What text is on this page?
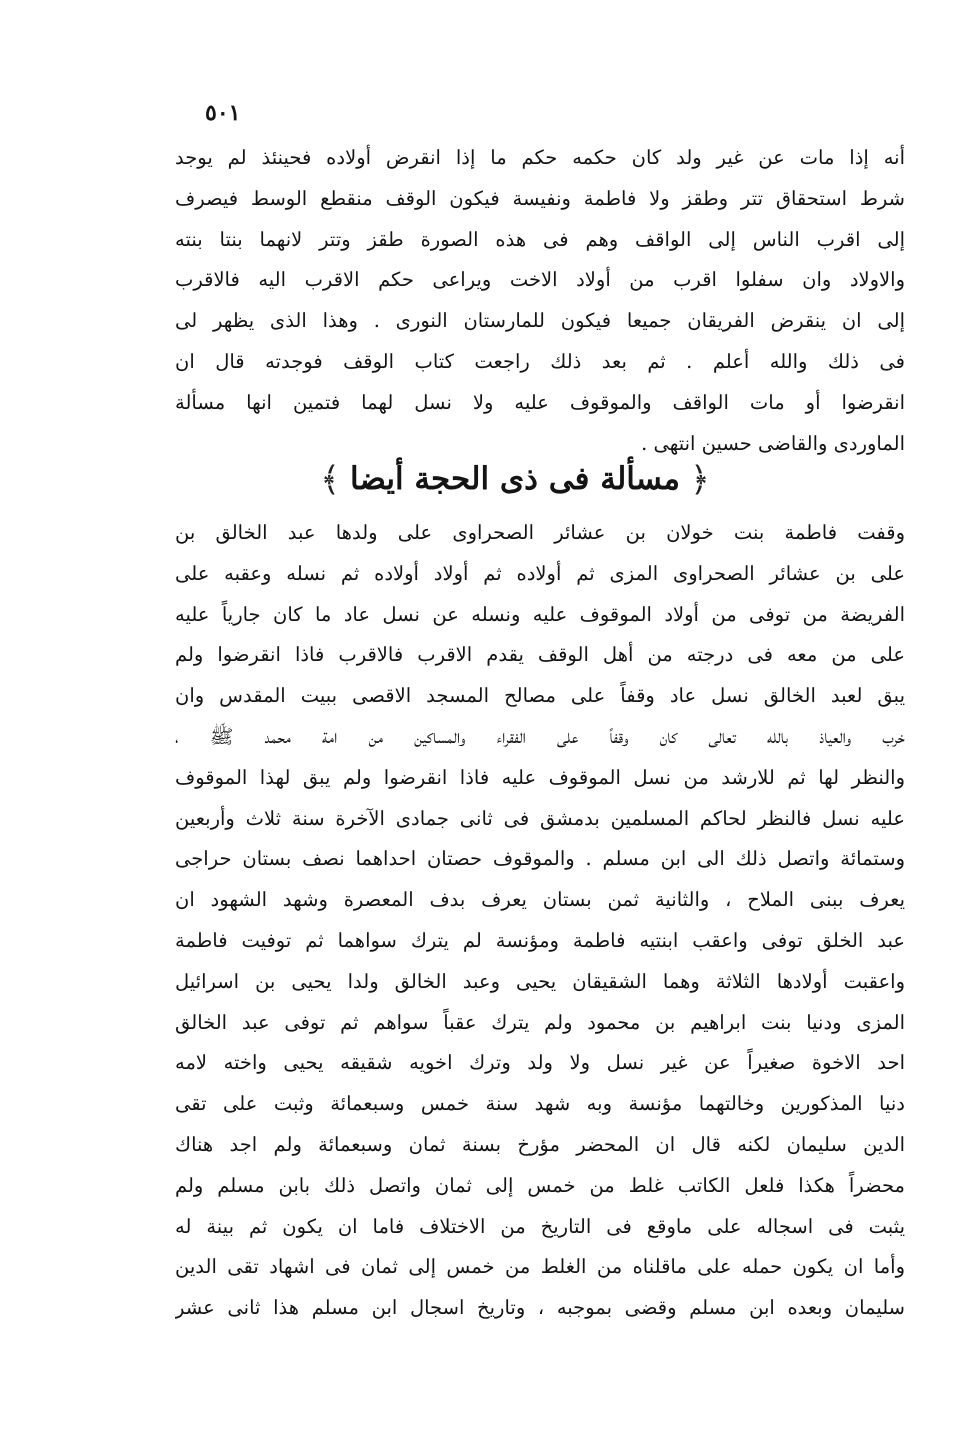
٥٠١
أنه إذا مات عن غير ولد كان حكمه حكم ما إذا انقرض أولاده فحينئذ لم يوجد
شرط استحقاق تتر وطقز ولا فاطمة ونفيسة فيكون الوقف منقطع الوسط فيصرف
إلى اقرب الناس إلى الواقف وهم فى هذه الصورة طقز وتتر لانهما بنتا بنته
والاولاد وان سفلوا اقرب من أولاد الاخت ويراعى حكم الاقرب اليه فالاقرب
إلى ان ينقرض الفريقان جميعا فيكون للمارستان النورى . وهذا الذى يظهر لى
فى ذلك والله أعلم . ثم بعد ذلك راجعت كتاب الوقف فوجدته قال ان
انقرضوا أو مات الواقف والموقوف عليه ولا نسل لهما فتمين انها مسألة
الماوردى والقاضى حسين انتهى .
﴿
مسألة فى ذى الحجة أيضا
﴾
وقفت فاطمة بنت خولان بن عشائر الصحراوى على ولدها عبد الخالق بن
على بن عشائر الصحراوى المزى ثم أولاده ثم أولاد أولاده ثم نسله وعقبه على
الفريضة من توفى من أولاد الموقوف عليه ونسله عن نسل عاد ما كان جارياً عليه
على من معه فى درجته من أهل الوقف يقدم الاقرب فالاقرب فاذا انقرضوا ولم
يبق لعبد الخالق نسل عاد وقفاً على مصالح المسجد الاقصى ببيت المقدس وان
خرب والعياذ بالله تعالى كان وقفاً على الفقراء والمساكين من امة محمد ﷺ ،
والنظر لها ثم للارشد من نسل الموقوف عليه فاذا انقرضوا ولم يبق لهذا الموقوف
عليه نسل فالنظر لحاكم المسلمين بدمشق فى ثانى جمادى الآخرة سنة ثلاث وأربعين
وستمائة واتصل ذلك الى ابن مسلم . والموقوف حصتان احداهما نصف بستان حراجى
يعرف ببنى الملاح ، والثانية ثمن بستان يعرف بدف المعصرة وشهد الشهود ان
عبد الخلق توفى واعقب ابنتيه فاطمة ومؤنسة لم يترك سواهما ثم توفيت فاطمة
واعقبت أولادها الثلاثة وهما الشقيقان يحيى وعبد الخالق ولدا يحيى بن اسرائيل
المزى ودنيا بنت ابراهيم بن محمود ولم يترك عقباً سواهم ثم توفى عبد الخالق
احد الاخوة صغيراً عن غير نسل ولا ولد وترك اخويه شقيقه يحيى واخته لامه
دنيا المذكورين وخالتهما مؤنسة وبه شهد سنة خمس وسبعمائة وثبت على تقى
الدين سليمان لكنه قال ان المحضر مؤرخ بسنة ثمان وسبعمائة ولم اجد هناك
محضراً هكذا فلعل الكاتب غلط من خمس إلى ثمان واتصل ذلك بابن مسلم ولم
يثبت فى اسجاله على ماوقع فى التاريخ من الاختلاف فاما ان يكون ثم بينة له
وأما ان يكون حمله على ماقلناه من الغلط من خمس إلى ثمان فى اشهاد تقى الدين
سليمان وبعده ابن مسلم وقضى بموجبه ، وتاريخ اسجال ابن مسلم هذا ثانى عشر
